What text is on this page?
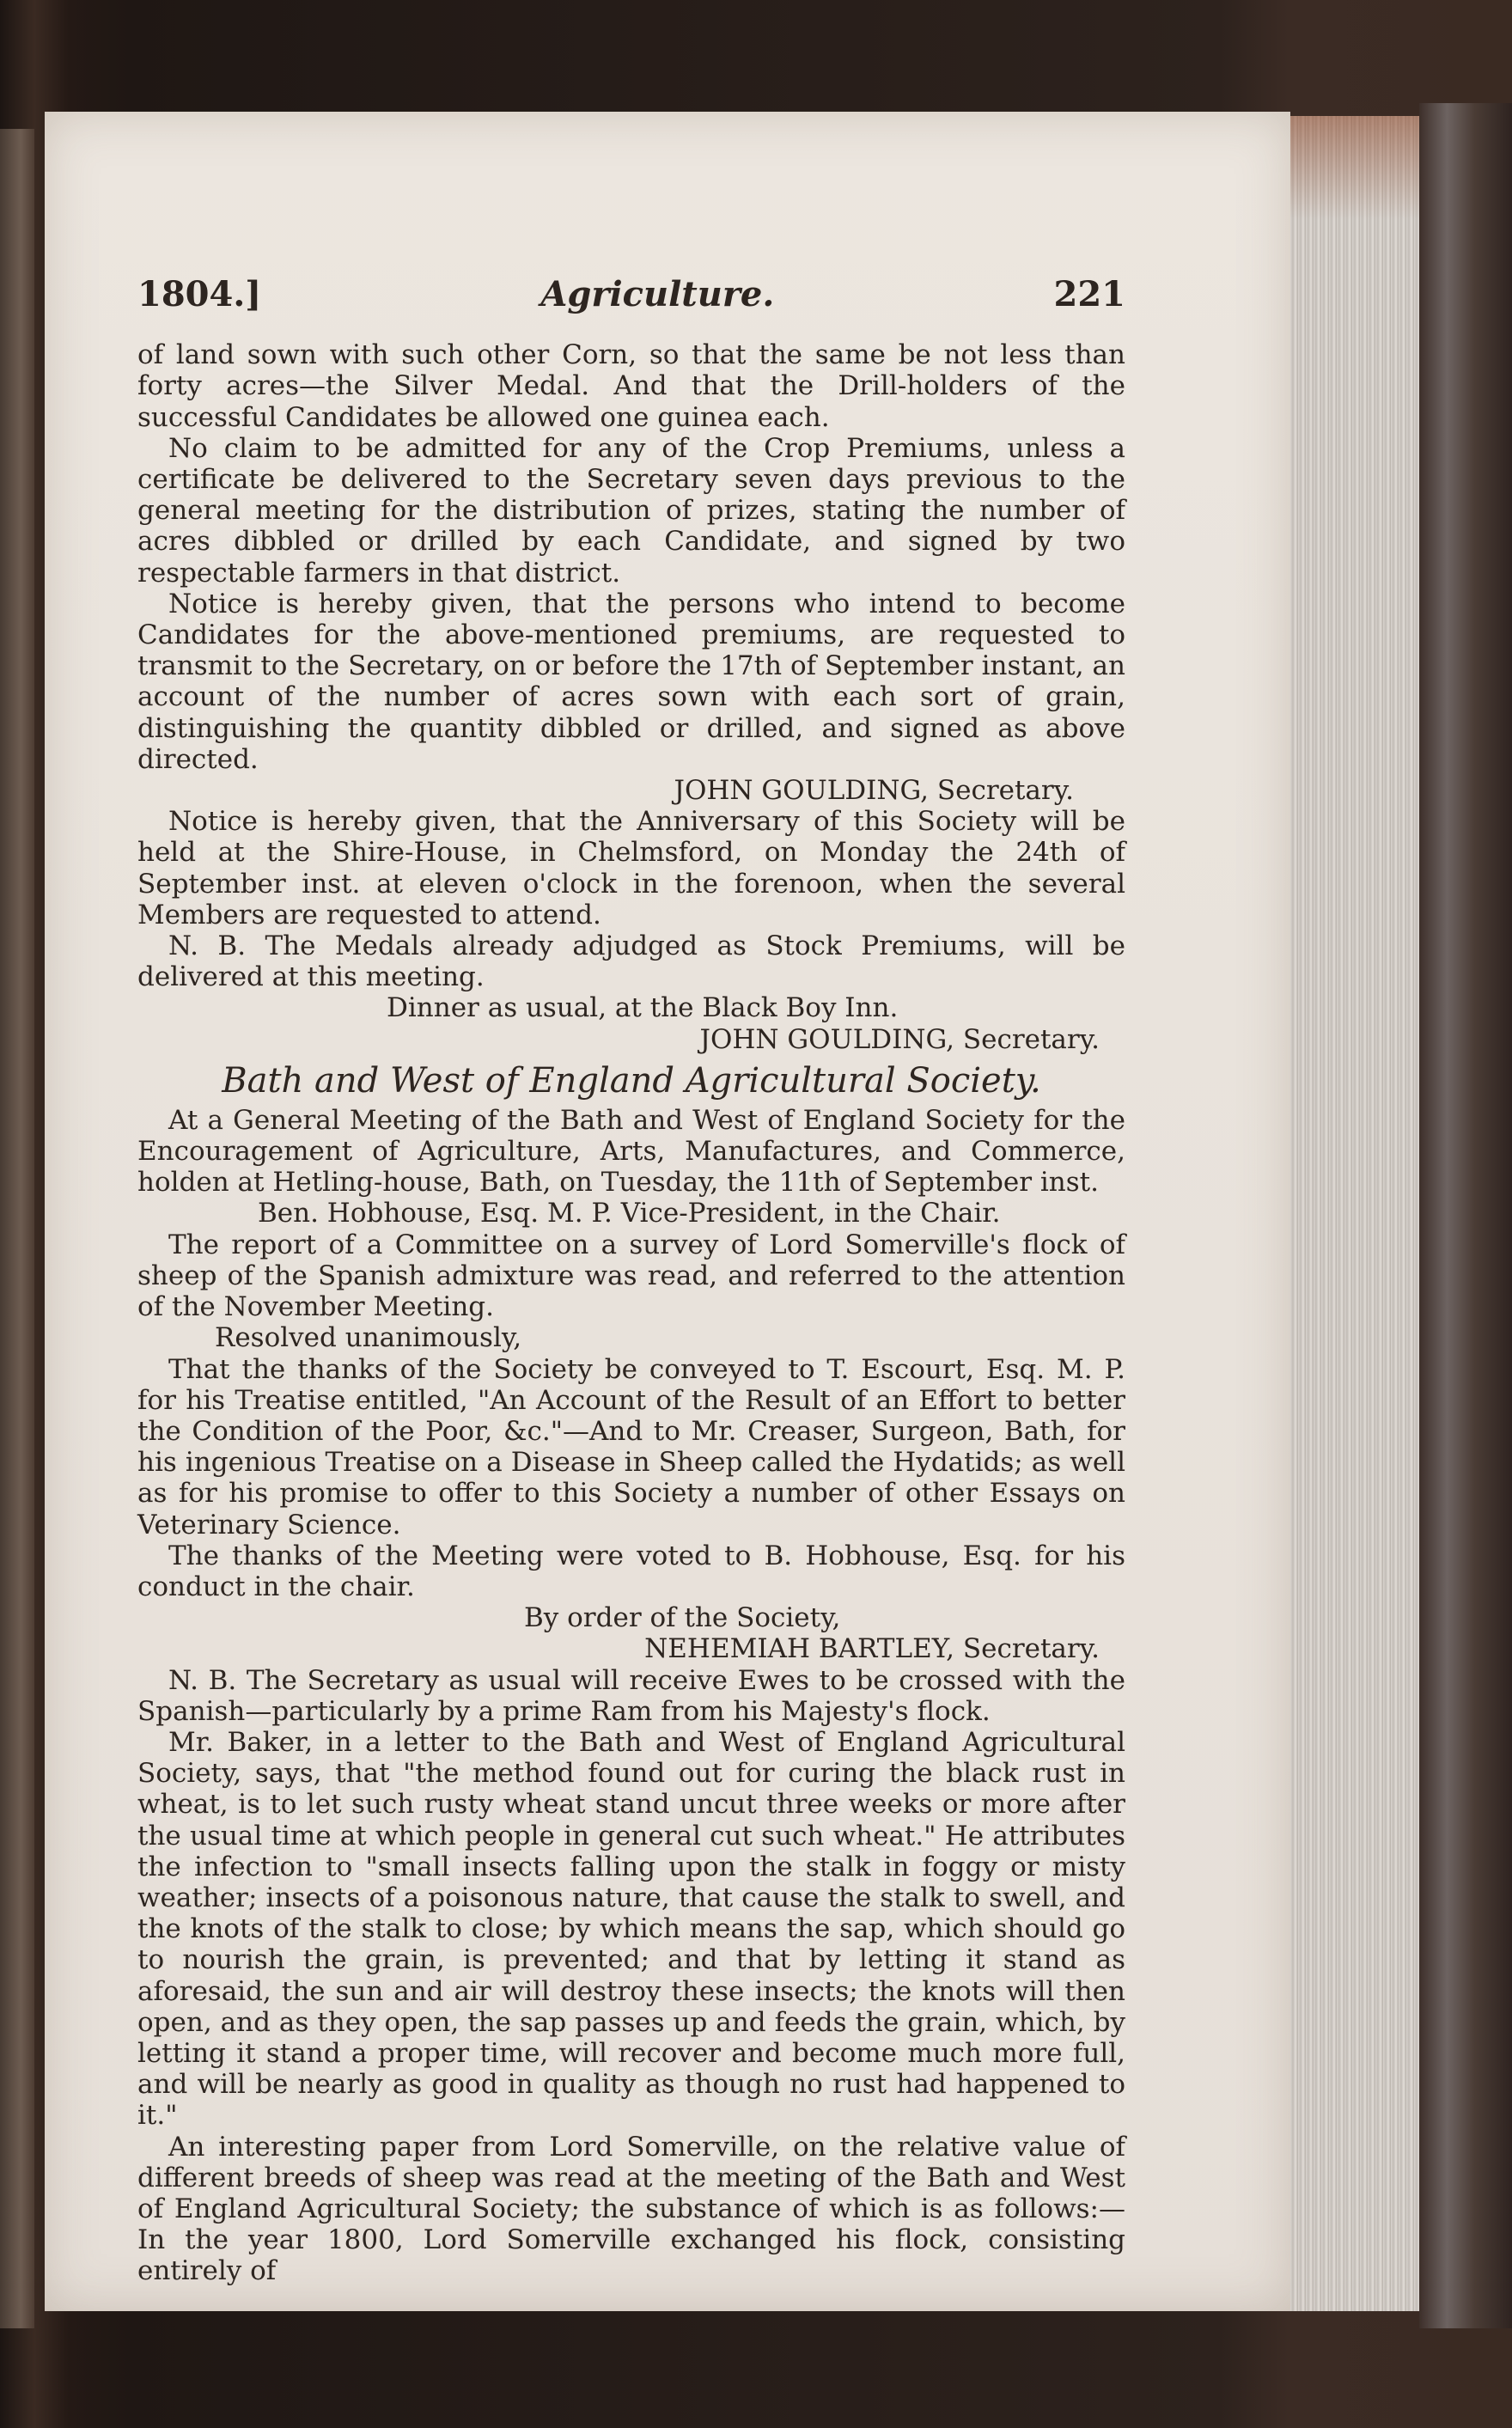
1804.]	Agriculture.	221

of land sown with such other Corn, so that the same be not less than forty acres—the Silver Medal. And that the Drill-holders of the successful Candidates be allowed one guinea each.

No claim to be admitted for any of the Crop Premiums, unless a certificate be delivered to the Secretary seven days previous to the general meeting for the distribution of prizes, stating the number of acres dibbled or drilled by each Candidate, and signed by two respectable farmers in that district.

Notice is hereby given, that the persons who intend to become Candidates for the above-mentioned premiums, are requested to transmit to the Secretary, on or before the 17th of September instant, an account of the number of acres sown with each sort of grain, distinguishing the quantity dibbled or drilled, and signed as above directed.

JOHN GOULDING, Secretary.

Notice is hereby given, that the Anniversary of this Society will be held at the Shire-House, in Chelmsford, on Monday the 24th of September inst. at eleven o'clock in the forenoon, when the several Members are requested to attend.

N. B. The Medals already adjudged as Stock Premiums, will be delivered at this meeting.

Dinner as usual, at the Black Boy Inn.

JOHN GOULDING, Secretary.

Bath and West of England Agricultural Society.

At a General Meeting of the Bath and West of England Society for the Encouragement of Agriculture, Arts, Manufactures, and Commerce, holden at Hetling-house, Bath, on Tuesday, the 11th of September inst.

Ben. Hobhouse, Esq. M. P. Vice-President, in the Chair.

The report of a Committee on a survey of Lord Somerville's flock of sheep of the Spanish admixture was read, and referred to the attention of the November Meeting.

Resolved unanimously,

That the thanks of the Society be conveyed to T. Escourt, Esq. M. P. for his Treatise entitled, "An Account of the Result of an Effort to better the Condition of the Poor, &c."—And to Mr. Creaser, Surgeon, Bath, for his ingenious Treatise on a Disease in Sheep called the Hydatids; as well as for his promise to offer to this Society a number of other Essays on Veterinary Science.

The thanks of the Meeting were voted to B. Hobhouse, Esq. for his conduct in the chair.

By order of the Society,

NEHEMIAH BARTLEY, Secretary.

N. B. The Secretary as usual will receive Ewes to be crossed with the Spanish—particularly by a prime Ram from his Majesty's flock.

Mr. Baker, in a letter to the Bath and West of England Agricultural Society, says, that "the method found out for curing the black rust in wheat, is to let such rusty wheat stand uncut three weeks or more after the usual time at which people in general cut such wheat." He attributes the infection to "small insects falling upon the stalk in foggy or misty weather; insects of a poisonous nature, that cause the stalk to swell, and the knots of the stalk to close; by which means the sap, which should go to nourish the grain, is prevented; and that by letting it stand as aforesaid, the sun and air will destroy these insects; the knots will then open, and as they open, the sap passes up and feeds the grain, which, by letting it stand a proper time, will recover and become much more full, and will be nearly as good in quality as though no rust had happened to it."

An interesting paper from Lord Somerville, on the relative value of different breeds of sheep was read at the meeting of the Bath and West of England Agricultural Society; the substance of which is as follows:—In the year 1800, Lord Somerville exchanged his flock, consisting entirely of
